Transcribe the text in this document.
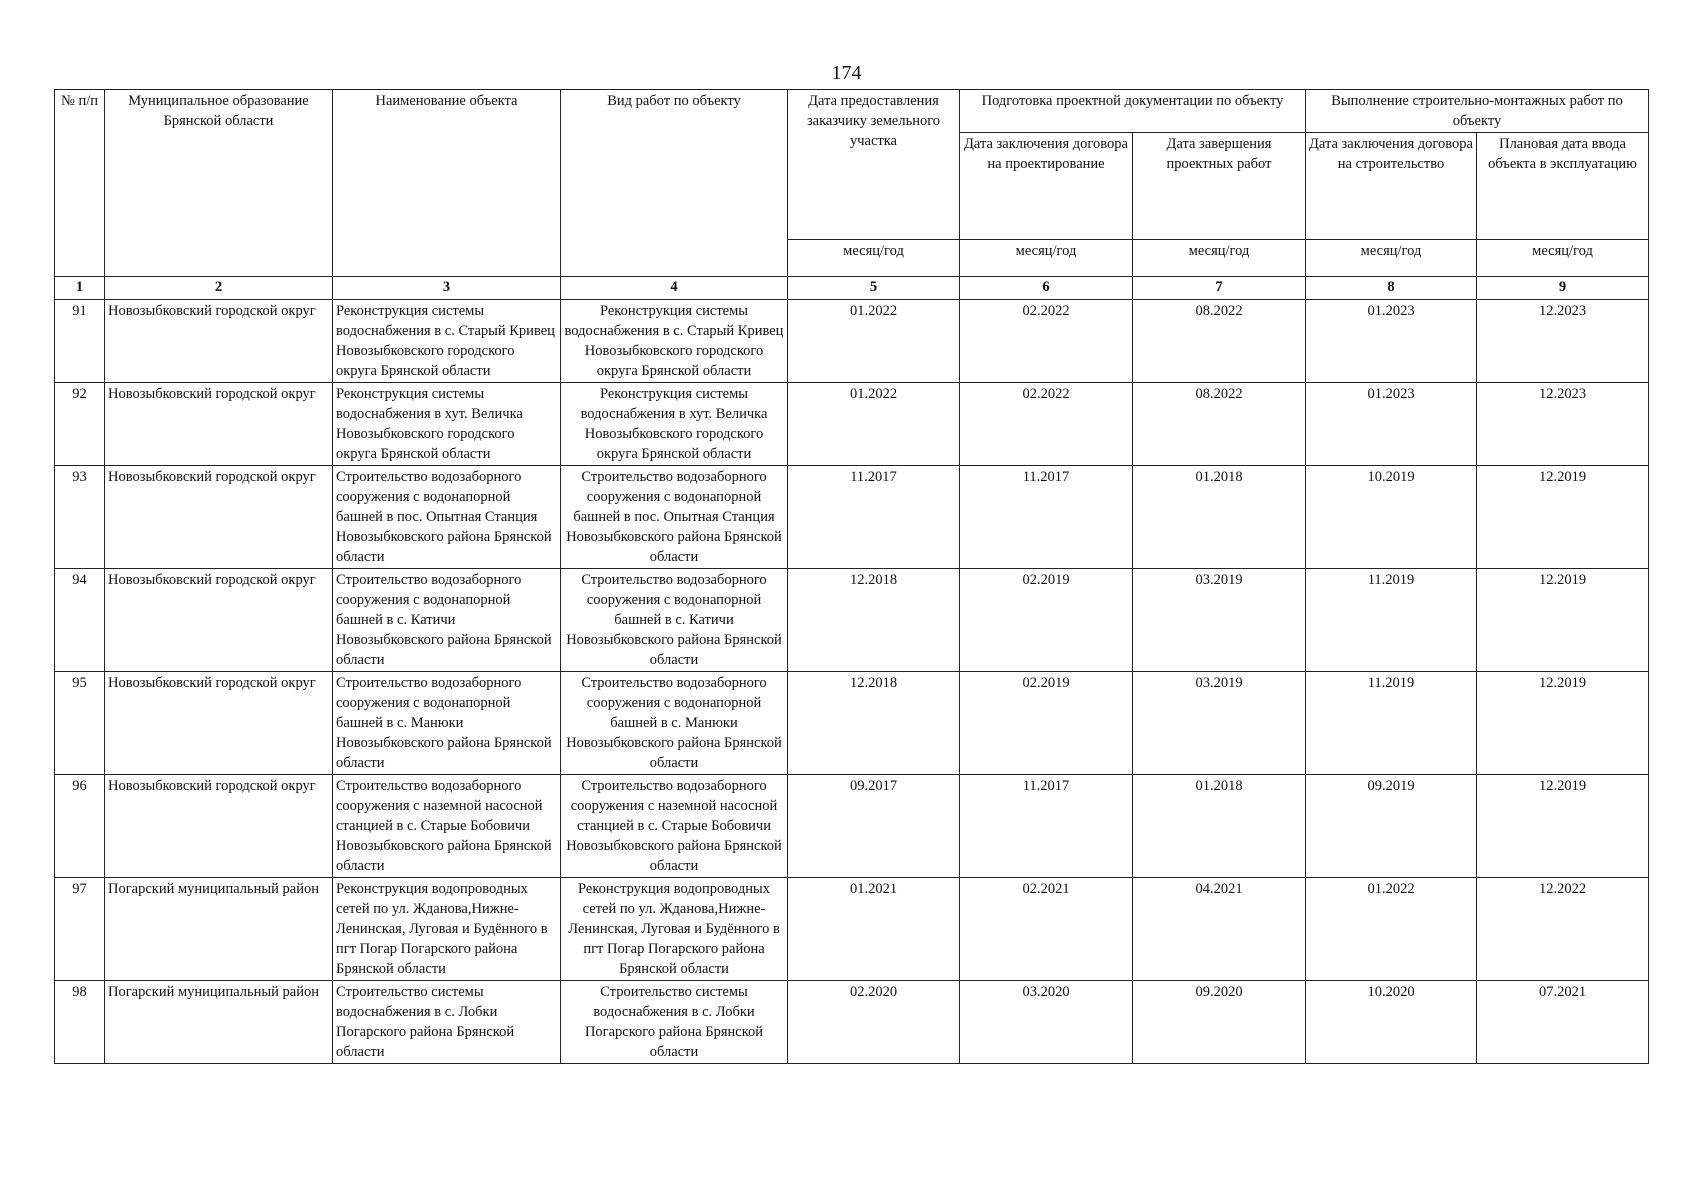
174
№ п/п	Муниципальное образование Брянской области	Наименование объекта	Вид работ по объекту	Дата предоставления заказчику земельного участка	Подготовка проектной документации по объекту		Выполнение строительно-монтажных работ по объекту	
					Дата заключения договора на проектирование	Дата завершения проектных работ	Дата заключения договора на строительство	Плановая дата ввода объекта в эксплуатацию
				месяц/год	месяц/год	месяц/год	месяц/год	месяц/год
1	2	3	4	5	6	7	8	9
91	Новозыбковский городской округ	Реконструкция системы водоснабжения в с. Старый Кривец Новозыбковского городского округа Брянской области	Реконструкция системы водоснабжения в с. Старый Кривец Новозыбковского городского округа Брянской области	01.2022	02.2022	08.2022	01.2023	12.2023
92	Новозыбковский городской округ	Реконструкция системы водоснабжения в хут. Величка Новозыбковского городского округа Брянской области	Реконструкция системы водоснабжения в хут. Величка Новозыбковского городского округа Брянской области	01.2022	02.2022	08.2022	01.2023	12.2023
93	Новозыбковский городской округ	Строительство водозаборного сооружения с водонапорной башней в пос. Опытная Станция Новозыбковского района Брянской области	Строительство водозаборного сооружения с водонапорной башней в пос. Опытная Станция Новозыбковского района Брянской области	11.2017	11.2017	01.2018	10.2019	12.2019
94	Новозыбковский городской округ	Строительство водозаборного сооружения с водонапорной башней в с. Катичи Новозыбковского района Брянской области	Строительство водозаборного сооружения с водонапорной башней в с. Катичи Новозыбковского района Брянской области	12.2018	02.2019	03.2019	11.2019	12.2019
95	Новозыбковский городской округ	Строительство водозаборного сооружения с водонапорной башней в с. Манюки Новозыбковского района Брянской области	Строительство водозаборного сооружения с водонапорной башней в с. Манюки Новозыбковского района Брянской области	12.2018	02.2019	03.2019	11.2019	12.2019
96	Новозыбковский городской округ	Строительство водозаборного сооружения с наземной насосной станцией в с. Старые Бобовичи Новозыбковского района Брянской области	Строительство водозаборного сооружения с наземной насосной станцией в с. Старые Бобовичи Новозыбковского района Брянской области	09.2017	11.2017	01.2018	09.2019	12.2019
97	Погарский муниципальный район	Реконструкция водопроводных сетей по ул. Жданова,Нижне-Ленинская, Луговая и Будённого в пгт Погар Погарского района Брянской области	Реконструкция водопроводных сетей по ул. Жданова,Нижне-Ленинская, Луговая и Будённого в пгт Погар Погарского района Брянской области	01.2021	02.2021	04.2021	01.2022	12.2022
98	Погарский муниципальный район	Строительство системы водоснабжения в с. Лобки Погарского района Брянской области	Строительство системы водоснабжения в с. Лобки Погарского района Брянской области	02.2020	03.2020	09.2020	10.2020	07.2021
